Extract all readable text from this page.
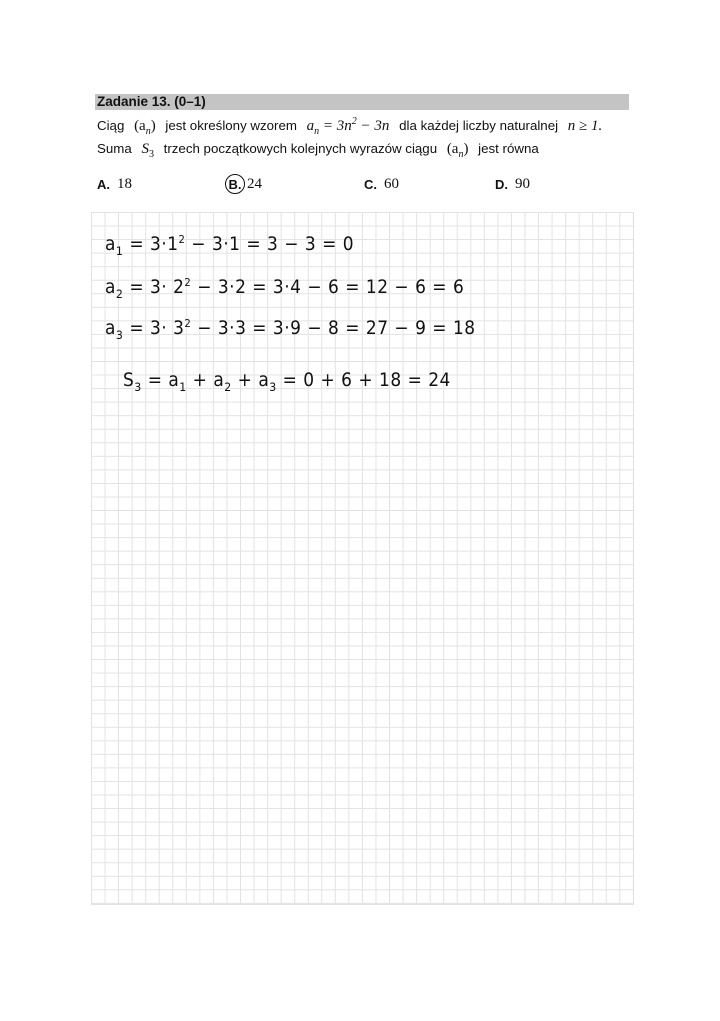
Zadanie 13. (0–1)
Ciąg $(a_n)$ jest określony wzorem $a_n = 3n^2 - 3n$ dla każdej liczby naturalnej n ≥ 1.
Suma $S_3$ trzech początkowych kolejnych wyrazów ciągu $(a_n)$ jest równa
A. 18	B. 24	C. 60	D. 90
$a_1 = 3\cdot 1^2 - 3\cdot 1 = 3 - 3 = 0$
$a_2 = 3\cdot 2^2 - 3\cdot 2 = 3\cdot 4 - 6 = 12 - 6 = 6$
$a_3 = 3\cdot 3^2 - 3\cdot 3 = 3\cdot 9 - 8 = 27 - 9 = 18$
$S_3 = a_1 + a_2 + a_3 = 0 + 6 + 18 = 24$
